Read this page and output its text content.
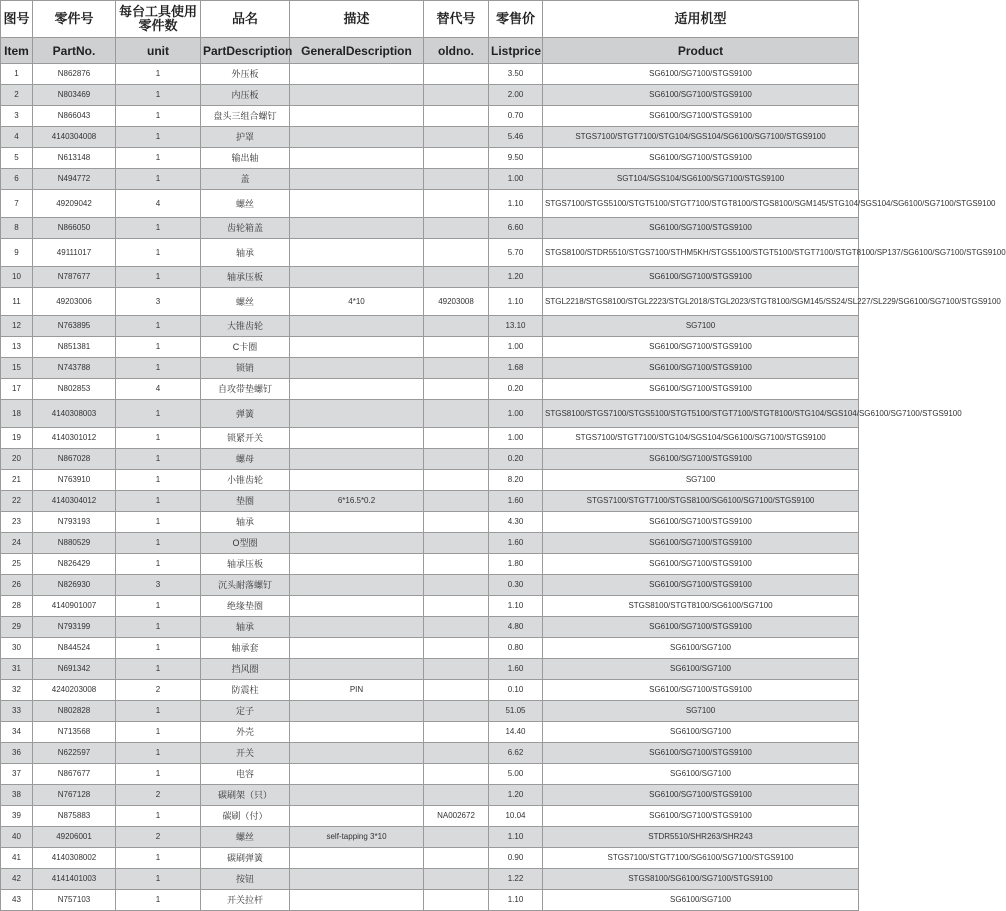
图号	零件号	每台工具使用零件数	品名	描述	替代号	零售价	适用机型
Item	PartNo.	unit	PartDescription	GeneralDescription	oldno.	Listprice	Product
1	N862876	1	外压板			3.50	SG6100/SG7100/STGS9100
2	N803469	1	内压板			2.00	SG6100/SG7100/STGS9100
3	N866043	1	盘头三组合螺钉			0.70	SG6100/SG7100/STGS9100
4	4140304008	1	护罩			5.46	STGS7100/STGT7100/STG104/SGS104/SG6100/SG7100/STGS9100
5	N613148	1	输出轴			9.50	SG6100/SG7100/STGS9100
6	N494772	1	盖			1.00	SGT104/SGS104/SG6100/SG7100/STGS9100
7	49209042	4	螺丝			1.10	STGS7100/STGS5100/STGT5100/STGT7100/STGT8100/STGS8100/SGM145/STG104/SGS104/SG6100/SG7100/STGS9100
8	N866050	1	齿轮箱盖			6.60	SG6100/SG7100/STGS9100
9	49111017	1	轴承			5.70	STGS8100/STDR5510/STGS7100/STHM5KH/STGS5100/STGT5100/STGT7100/STGT8100/SP137/SG6100/SG7100/STGS9100
10	N787677	1	轴承压板			1.20	SG6100/SG7100/STGS9100
11	49203006	3	螺丝	4*10	49203008	1.10	STGL2218/STGS8100/STGL2223/STGL2018/STGL2023/STGT8100/SGM145/SS24/SL227/SL229/SG6100/SG7100/STGS9100
12	N763895	1	大锥齿轮			13.10	SG7100
13	N851381	1	C卡圈			1.00	SG6100/SG7100/STGS9100
15	N743788	1	锁销			1.68	SG6100/SG7100/STGS9100
17	N802853	4	自攻带垫螺钉			0.20	SG6100/SG7100/STGS9100
18	4140308003	1	弹簧			1.00	STGS8100/STGS7100/STGS5100/STGT5100/STGT7100/STGT8100/STG104/SGS104/SG6100/SG7100/STGS9100
19	4140301012	1	锁紧开关			1.00	STGS7100/STGT7100/STG104/SGS104/SG6100/SG7100/STGS9100
20	N867028	1	螺母			0.20	SG6100/SG7100/STGS9100
21	N763910	1	小锥齿轮			8.20	SG7100
22	4140304012	1	垫圈	6*16.5*0.2		1.60	STGS7100/STGT7100/STGS8100/SG6100/SG7100/STGS9100
23	N793193	1	轴承			4.30	SG6100/SG7100/STGS9100
24	N880529	1	O型圈			1.60	SG6100/SG7100/STGS9100
25	N826429	1	轴承压板			1.80	SG6100/SG7100/STGS9100
26	N826930	3	沉头耐落螺钉			0.30	SG6100/SG7100/STGS9100
28	4140901007	1	绝缘垫圈			1.10	STGS8100/STGT8100/SG6100/SG7100
29	N793199	1	轴承			4.80	SG6100/SG7100/STGS9100
30	N844524	1	轴承套			0.80	SG6100/SG7100
31	N691342	1	挡风圈			1.60	SG6100/SG7100
32	4240203008	2	防震柱	PIN		0.10	SG6100/SG7100/STGS9100
33	N802828	1	定子			51.05	SG7100
34	N713568	1	外壳			14.40	SG6100/SG7100
36	N622597	1	开关			6.62	SG6100/SG7100/STGS9100
37	N867677	1	电容			5.00	SG6100/SG7100
38	N767128	2	碳刷架（只）			1.20	SG6100/SG7100/STGS9100
39	N875883	1	碳刷（付）		NA002672	10.04	SG6100/SG7100/STGS9100
40	49206001	2	螺丝	self-tapping 3*10		1.10	STDR5510/SHR263/SHR243
41	4140308002	1	碳刷弹簧			0.90	STGS7100/STGT7100/SG6100/SG7100/STGS9100
42	4141401003	1	按钮			1.22	STGS8100/SG6100/SG7100/STGS9100
43	N757103	1	开关拉杆			1.10	SG6100/SG7100
